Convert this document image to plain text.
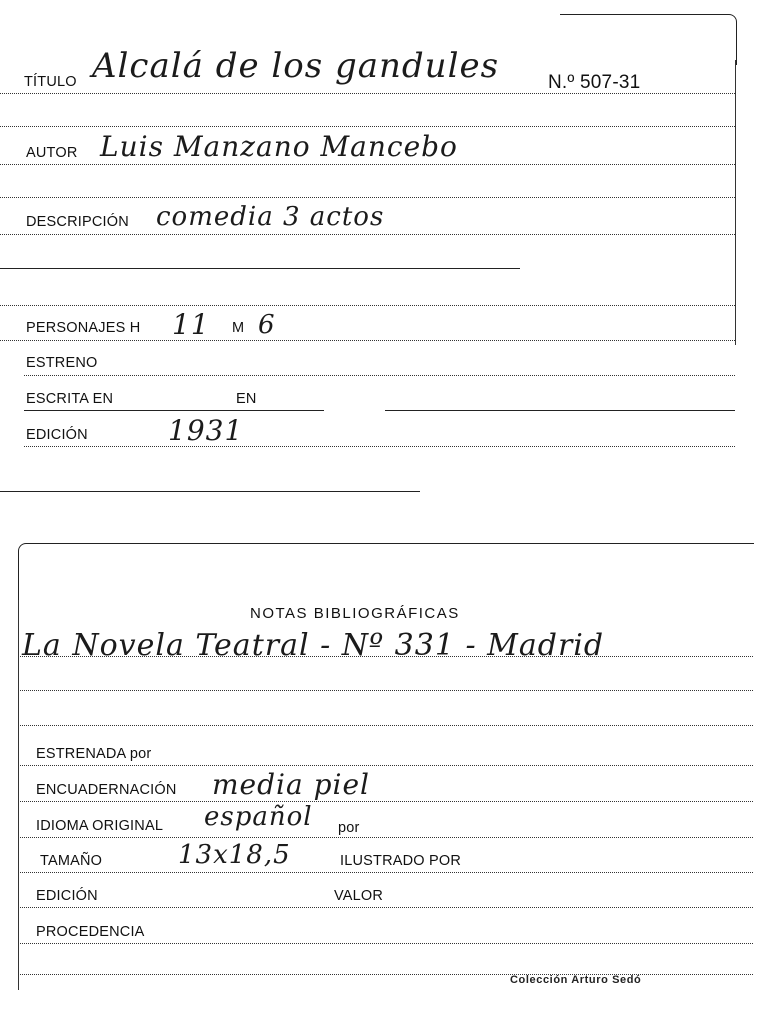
TÍTULO Alcalá de los gandules	N.º 507-31
AUTOR Luis Manzano Mancebo
DESCRIPCIÓN comedia 3 actos
PERSONAJES H 11 M 6
ESTRENO
ESCRITA EN	EN
EDICIÓN	1931
NOTAS BIBLIOGRÁFICAS
La Novela Teatral - Nº 331 - Madrid
ESTRENADA por
ENCUADERNACIÓN media piel
IDIOMA ORIGINAL español por
TAMAÑO	13x18,5	ILUSTRADO POR
EDICIÓN	VALOR
PROCEDENCIA
Colección Arturo Sedó
